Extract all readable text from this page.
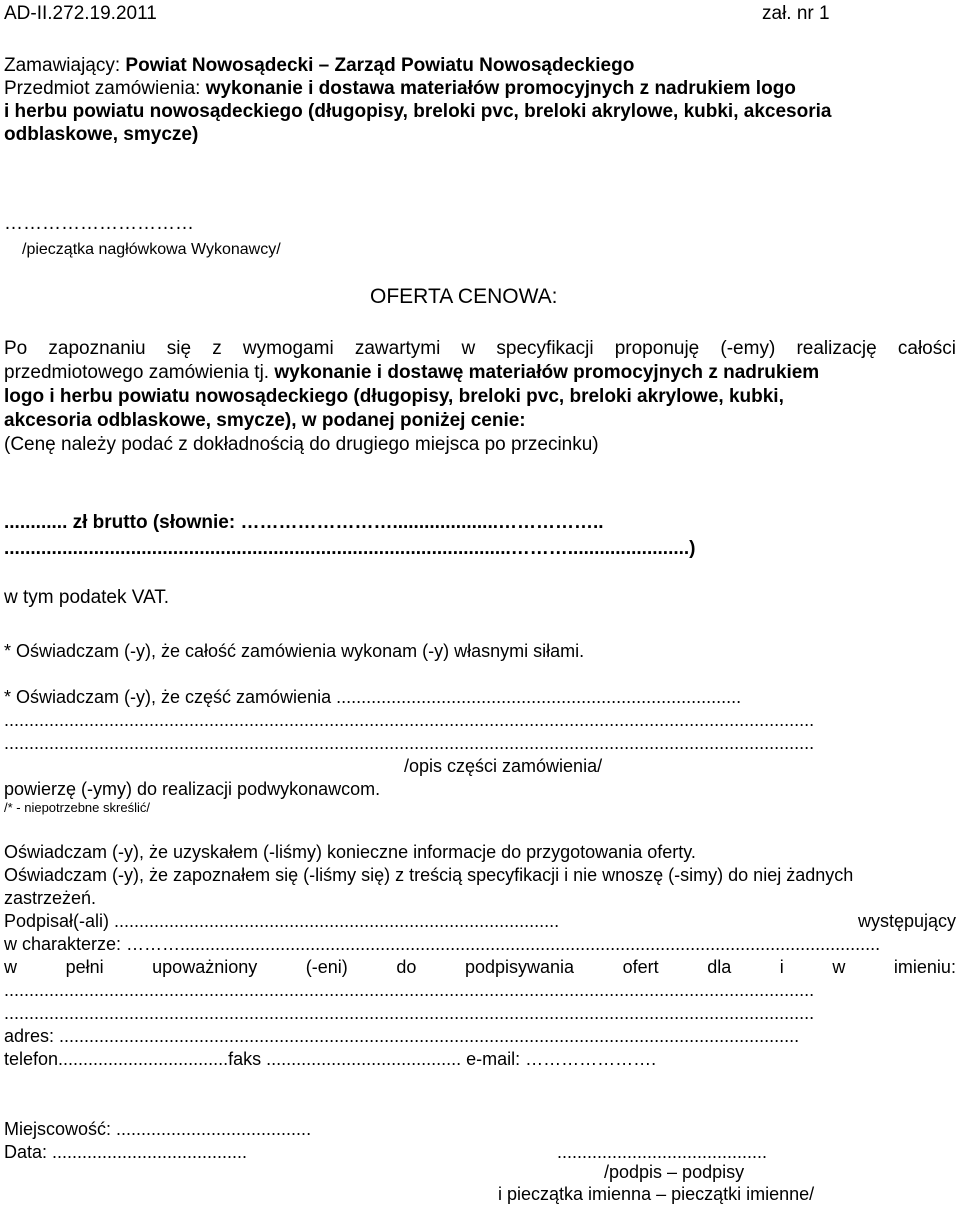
AD-II.272.19.2011	zał. nr 1
Zamawiający: Powiat Nowosądecki – Zarząd Powiatu Nowosądeckiego
Przedmiot zamówienia: wykonanie i dostawa materiałów promocyjnych z nadrukiem logo
i herbu powiatu nowosądeckiego (długopisy, breloki pvc, breloki akrylowe, kubki, akcesoria
odblaskowe, smycze)
…………………………
/pieczątka nagłówkowa Wykonawcy/
OFERTA CENOWA:
Po zapoznaniu się z wymogami zawartymi w specyfikacji proponuję (-emy) realizację całości
przedmiotowego zamówienia tj. wykonanie i dostawę materiałów promocyjnych z nadrukiem
logo i herbu powiatu nowosądeckiego (długopisy, breloki pvc, breloki akrylowe, kubki,
akcesoria odblaskowe, smycze), w podanej poniżej cenie:
(Cenę należy podać z dokładnością do drugiego miejsca po przecinku)
............ zł brutto (słownie: ……………………....................……………..
................................................................................................……….......................)
w tym podatek VAT.
* Oświadczam (-y), że całość zamówienia wykonam (-y) własnymi siłami.
* Oświadczam (-y), że część zamówienia .................................................................................
..................................................................................................................................................................
..................................................................................................................................................................
/opis części zamówienia/
powierzę (-ymy) do realizacji podwykonawcom.
/* - niepotrzebne skreślić/
Oświadczam (-y), że uzyskałem (-liśmy) konieczne informacje do przygotowania oferty.
Oświadczam (-y), że zapoznałem się (-liśmy się) z treścią specyfikacji i nie wnoszę (-simy) do niej żadnych
zastrzeżeń.
Podpisał(-ali) .........................................................................................	występujący
w charakterze: ………............................................................................................................................................
w	pełni	upoważniony	(-eni)	do	podpisywania	ofert	dla	i	w	imieniu:
..................................................................................................................................................................
..................................................................................................................................................................
adres: ....................................................................................................................................................
telefon..................................faks ....................................... e-mail: ………………….
Miejscowość: .......................................
Data: .......................................	..........................................
/podpis – podpisy
i pieczątka imienna – pieczątki imienne/
